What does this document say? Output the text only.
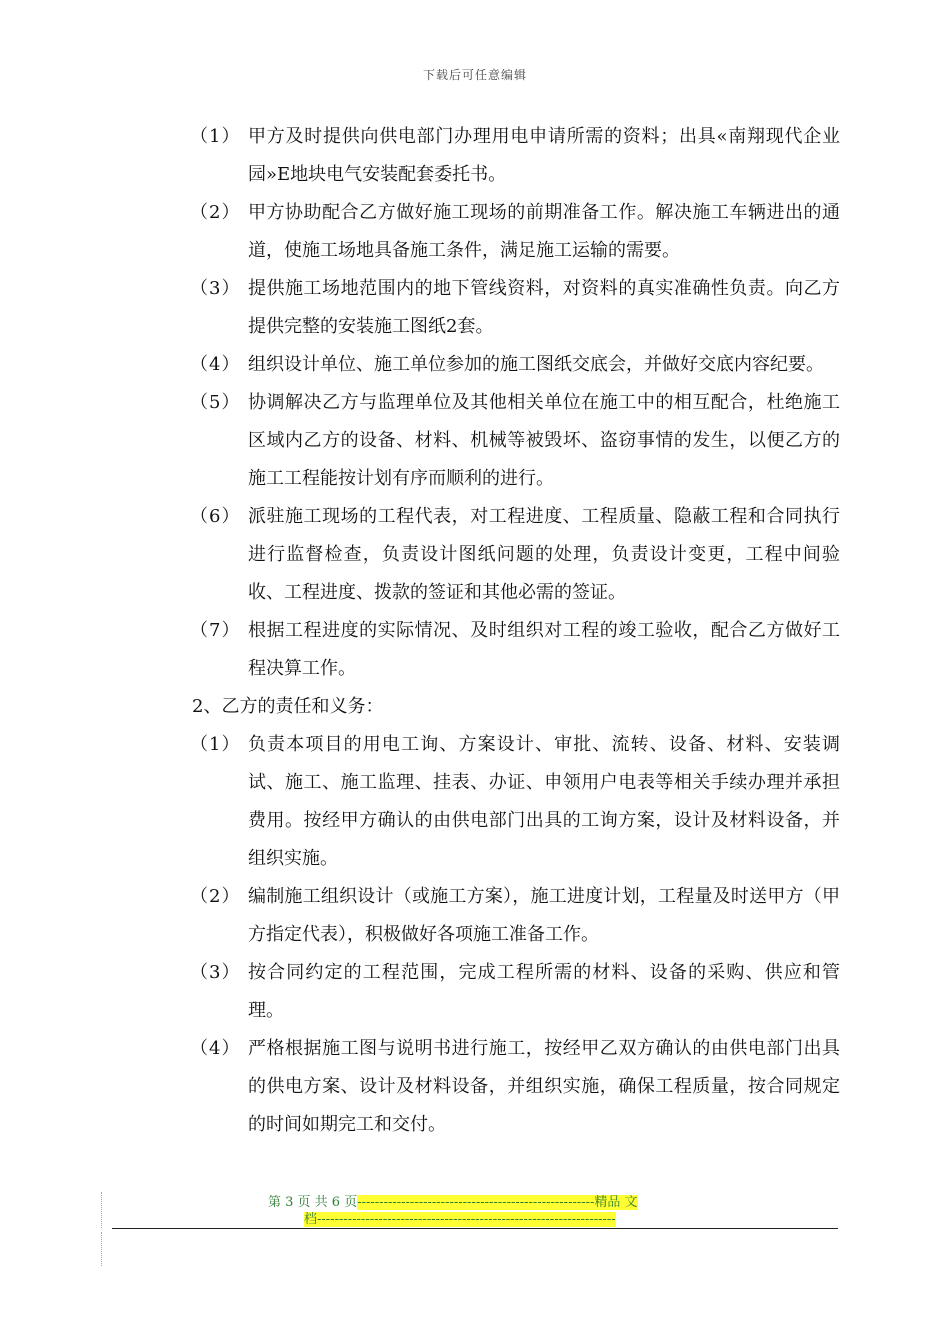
下载后可任意编辑
（1） 甲方及时提供向供电部门办理用电申请所需的资料；出具«南翔现代企业园»E地块电气安装配套委托书。
（2） 甲方协助配合乙方做好施工现场的前期准备工作。解决施工车辆进出的通道，使施工场地具备施工条件，满足施工运输的需要。
（3） 提供施工场地范围内的地下管线资料，对资料的真实准确性负责。向乙方提供完整的安装施工图纸2套。
（4） 组织设计单位、施工单位参加的施工图纸交底会，并做好交底内容纪要。
（5） 协调解决乙方与监理单位及其他相关单位在施工中的相互配合，杜绝施工区域内乙方的设备、材料、机械等被毁坏、盗窃事情的发生，以便乙方的施工工程能按计划有序而顺利的进行。
（6） 派驻施工现场的工程代表，对工程进度、工程质量、隐蔽工程和合同执行进行监督检查，负责设计图纸问题的处理，负责设计变更，工程中间验收、工程进度、拨款的签证和其他必需的签证。
（7） 根据工程进度的实际情况、及时组织对工程的竣工验收，配合乙方做好工程决算工作。
2、乙方的责任和义务：
（1） 负责本项目的用电工询、方案设计、审批、流转、设备、材料、安装调试、施工、施工监理、挂表、办证、申领用户电表等相关手续办理并承担费用。按经甲方确认的由供电部门出具的工询方案，设计及材料设备，并组织实施。
（2） 编制施工组织设计（或施工方案），施工进度计划，工程量及时送甲方（甲方指定代表），积极做好各项施工准备工作。
（3） 按合同约定的工程范围，完成工程所需的材料、设备的采购、供应和管理。
（4） 严格根据施工图与说明书进行施工，按经甲乙双方确认的由供电部门出具的供电方案、设计及材料设备，并组织实施，确保工程质量，按合同规定的时间如期完工和交付。
第 3 页 共 6 页------------------------------------------------------精品 文
档--------------------------------------------------------------------
